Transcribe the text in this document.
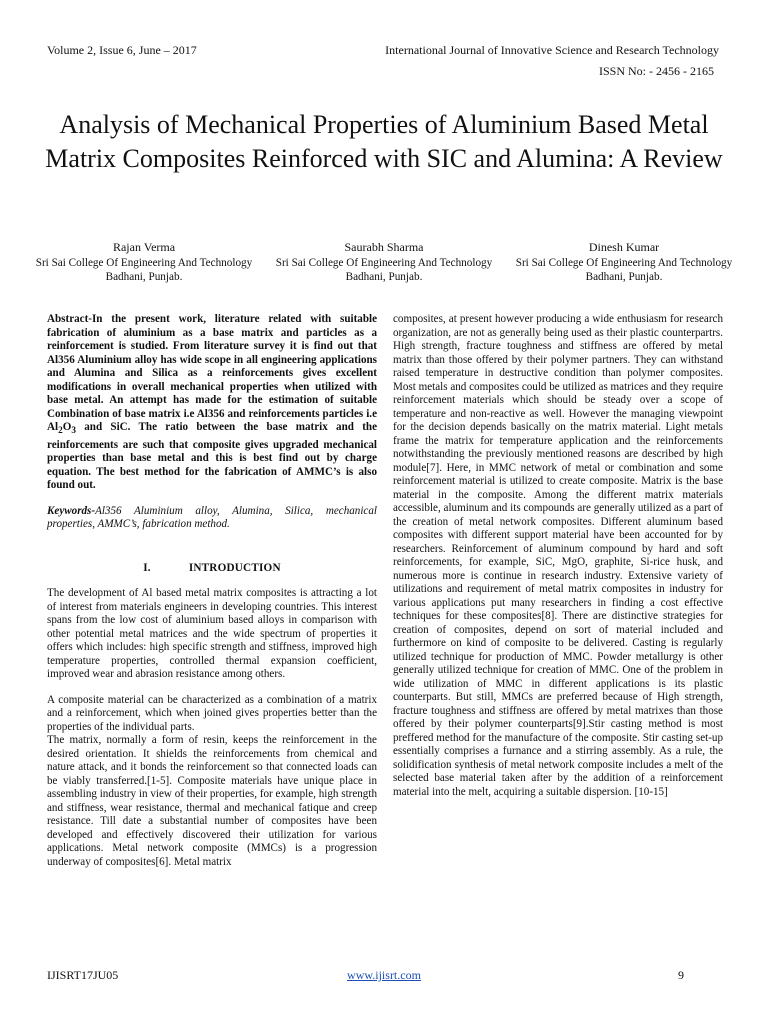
Volume 2, Issue 6, June – 2017	International Journal of Innovative Science and Research Technology
ISSN No: - 2456 - 2165
Analysis of Mechanical Properties of Aluminium Based Metal Matrix Composites Reinforced with SIC and Alumina: A Review
Rajan Verma
Sri Sai College Of Engineering And Technology
Badhani, Punjab.
Saurabh Sharma
Sri Sai College Of Engineering And Technology
Badhani, Punjab.
Dinesh Kumar
Sri Sai College Of Engineering And Technology
Badhani, Punjab.

Abstract-In the present work, literature related with suitable fabrication of aluminium as a base matrix and particles as a reinforcement is studied. From literature survey it is find out that Al356 Aluminium alloy has wide scope in all engineering applications and Alumina and Silica as a reinforcements gives excellent modifications in overall mechanical properties when utilized with base metal. An attempt has made for the estimation of suitable Combination of base matrix i.e Al356 and reinforcements particles i.e $Al_2O_3$ and SiC. The ratio between the base matrix and the reinforcements are such that composite gives upgraded mechanical properties than base metal and this is best find out by charge equation. The best method for the fabrication of AMMC’s is also found out.

Keywords-Al356 Aluminium alloy, Alumina, Silica, mechanical properties, AMMC’s, fabrication method.

I.	INTRODUCTION

The development of Al based metal matrix composites is attracting a lot of interest from materials engineers in developing countries. This interest spans from the low cost of aluminium based alloys in comparison with other potential metal matrices and the wide spectrum of properties it offers which includes: high specific strength and stiffness, improved high temperature properties, controlled thermal expansion coefficient, improved wear and abrasion resistance among others.

A composite material can be characterized as a combination of a matrix and a reinforcement, which when joined gives properties better than the properties of the individual parts.

The matrix, normally a form of resin, keeps the reinforcement in the desired orientation. It shields the reinforcements from chemical and nature attack, and it bonds the reinforcement so that connected loads can be viably transferred.[1-5]. Composite materials have unique place in assembling industry in view of their properties, for example, high strength and stiffness, wear resistance, thermal and mechanical fatique and creep resistance. Till date a substantial number of composites have been developed and effectively discovered their utilization for various applications. Metal network composite (MMCs) is a progression underway of composites[6]. Metal matrix

composites, at present however producing a wide enthusiasm for research organization, are not as generally being used as their plastic counterpartrs. High strength, fracture toughness and stiffness are offered by metal matrix than those offered by their polymer partners. They can withstand raised temperature in destructive condition than polymer composites. Most metals and composites could be utilized as matrices and they require reinforcement materials which should be steady over a scope of temperature and non-reactive as well. However the managing viewpoint for the decision depends basically on the matrix material. Light metals frame the matrix for temperature application and the reinforcements notwithstanding the previously mentioned reasons are described by high module[7]. Here, in MMC network of metal or combination and some reinforcement material is utilized to create composite. Matrix is the base material in the composite. Among the different matrix materials accessible, aluminum and its compounds are generally utilized as a part of the creation of metal network composites. Different aluminum based composites with different support material have been accounted for by researchers. Reinforcement of aluminum compound by hard and soft reinforcements, for example, SiC, MgO, graphite, Si-rice husk, and numerous more is continue in research industry. Extensive variety of utilizations and requirement of metal matrix composites in industry for various applications put many researchers in finding a cost effective techniques for these composites[8]. There are distinctive strategies for creation of composites, depend on sort of material included and furthermore on kind of composite to be delivered. Casting is regularly utilized technique for production of MMC. Powder metallurgy is other generally utilized technique for creation of MMC. One of the problem in wide utilization of MMC in different applications is its plastic counterparts. But still, MMCs are preferred because of High strength, fracture toughness and stiffness are offered by metal matrixes than those offered by their polymer counterparts[9].Stir casting method is most preffered method for the manufacture of the composite. Stir casting set-up essentially comprises a furnance and a stirring assembly. As a rule, the solidification synthesis of metal network composite includes a melt of the selected base material taken after by the addition of a reinforcement material into the melt, acquiring a suitable dispersion. [10-15]

IJISRT17JU05	www.ijisrt.com	9
